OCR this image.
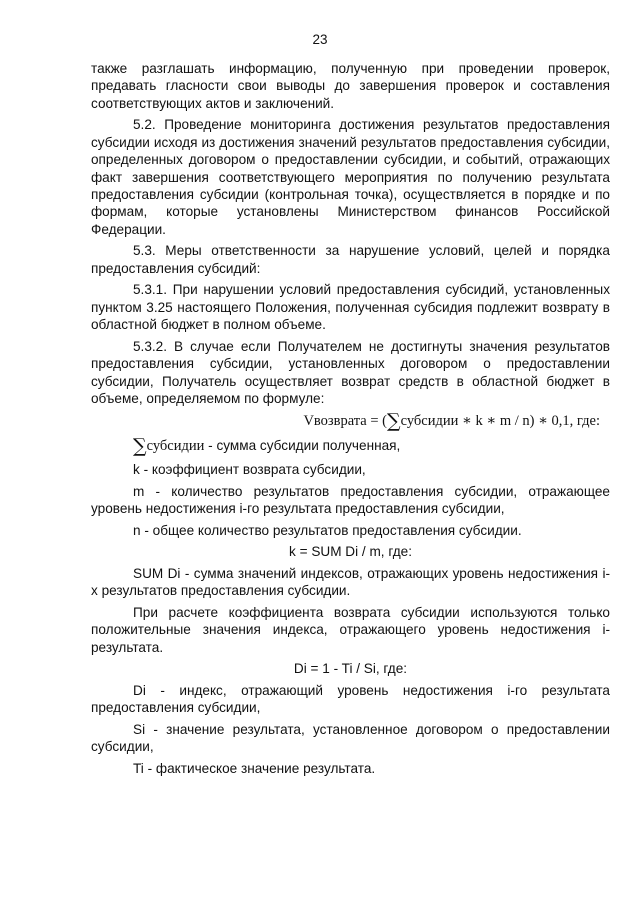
23

также разглашать информацию, полученную при проведении проверок, предавать гласности свои выводы до завершения проверок и составления соответствующих актов и заключений.

5.2. Проведение мониторинга достижения результатов предоставления субсидии исходя из достижения значений результатов предоставления субсидии, определенных договором о предоставлении субсидии, и событий, отражающих факт завершения соответствующего мероприятия по получению результата предоставления субсидии (контрольная точка), осуществляется в порядке и по формам, которые установлены Министерством финансов Российской Федерации.

5.3. Меры ответственности за нарушение условий, целей и порядка предоставления субсидий:

5.3.1. При нарушении условий предоставления субсидий, установленных пунктом 3.25 настоящего Положения, полученная субсидия подлежит возврату в областной бюджет в полном объеме.

5.3.2. В случае если Получателем не достигнуты значения результатов предоставления субсидии, установленных договором о предоставлении субсидии, Получатель осуществляет возврат средств в областной бюджет в объеме, определяемом по формуле:

Vвозврата = (∑субсидии ∗ k ∗ m / n) ∗ 0,1, где:

∑субсидии - сумма субсидии полученная,

k - коэффициент возврата субсидии,

m - количество результатов предоставления субсидии, отражающее уровень недостижения i-го результата предоставления субсидии,

n - общее количество результатов предоставления субсидии.

k = SUM Di / m, где:

SUM Di - сумма значений индексов, отражающих уровень недостижения i-х результатов предоставления субсидии.

При расчете коэффициента возврата субсидии используются только положительные значения индекса, отражающего уровень недостижения i-результата.

Di = 1 - Ti / Si, где:

Di - индекс, отражающий уровень недостижения i-го результата предоставления субсидии,

Si - значение результата, установленное договором о предоставлении субсидии,

Ti - фактическое значение результата.
